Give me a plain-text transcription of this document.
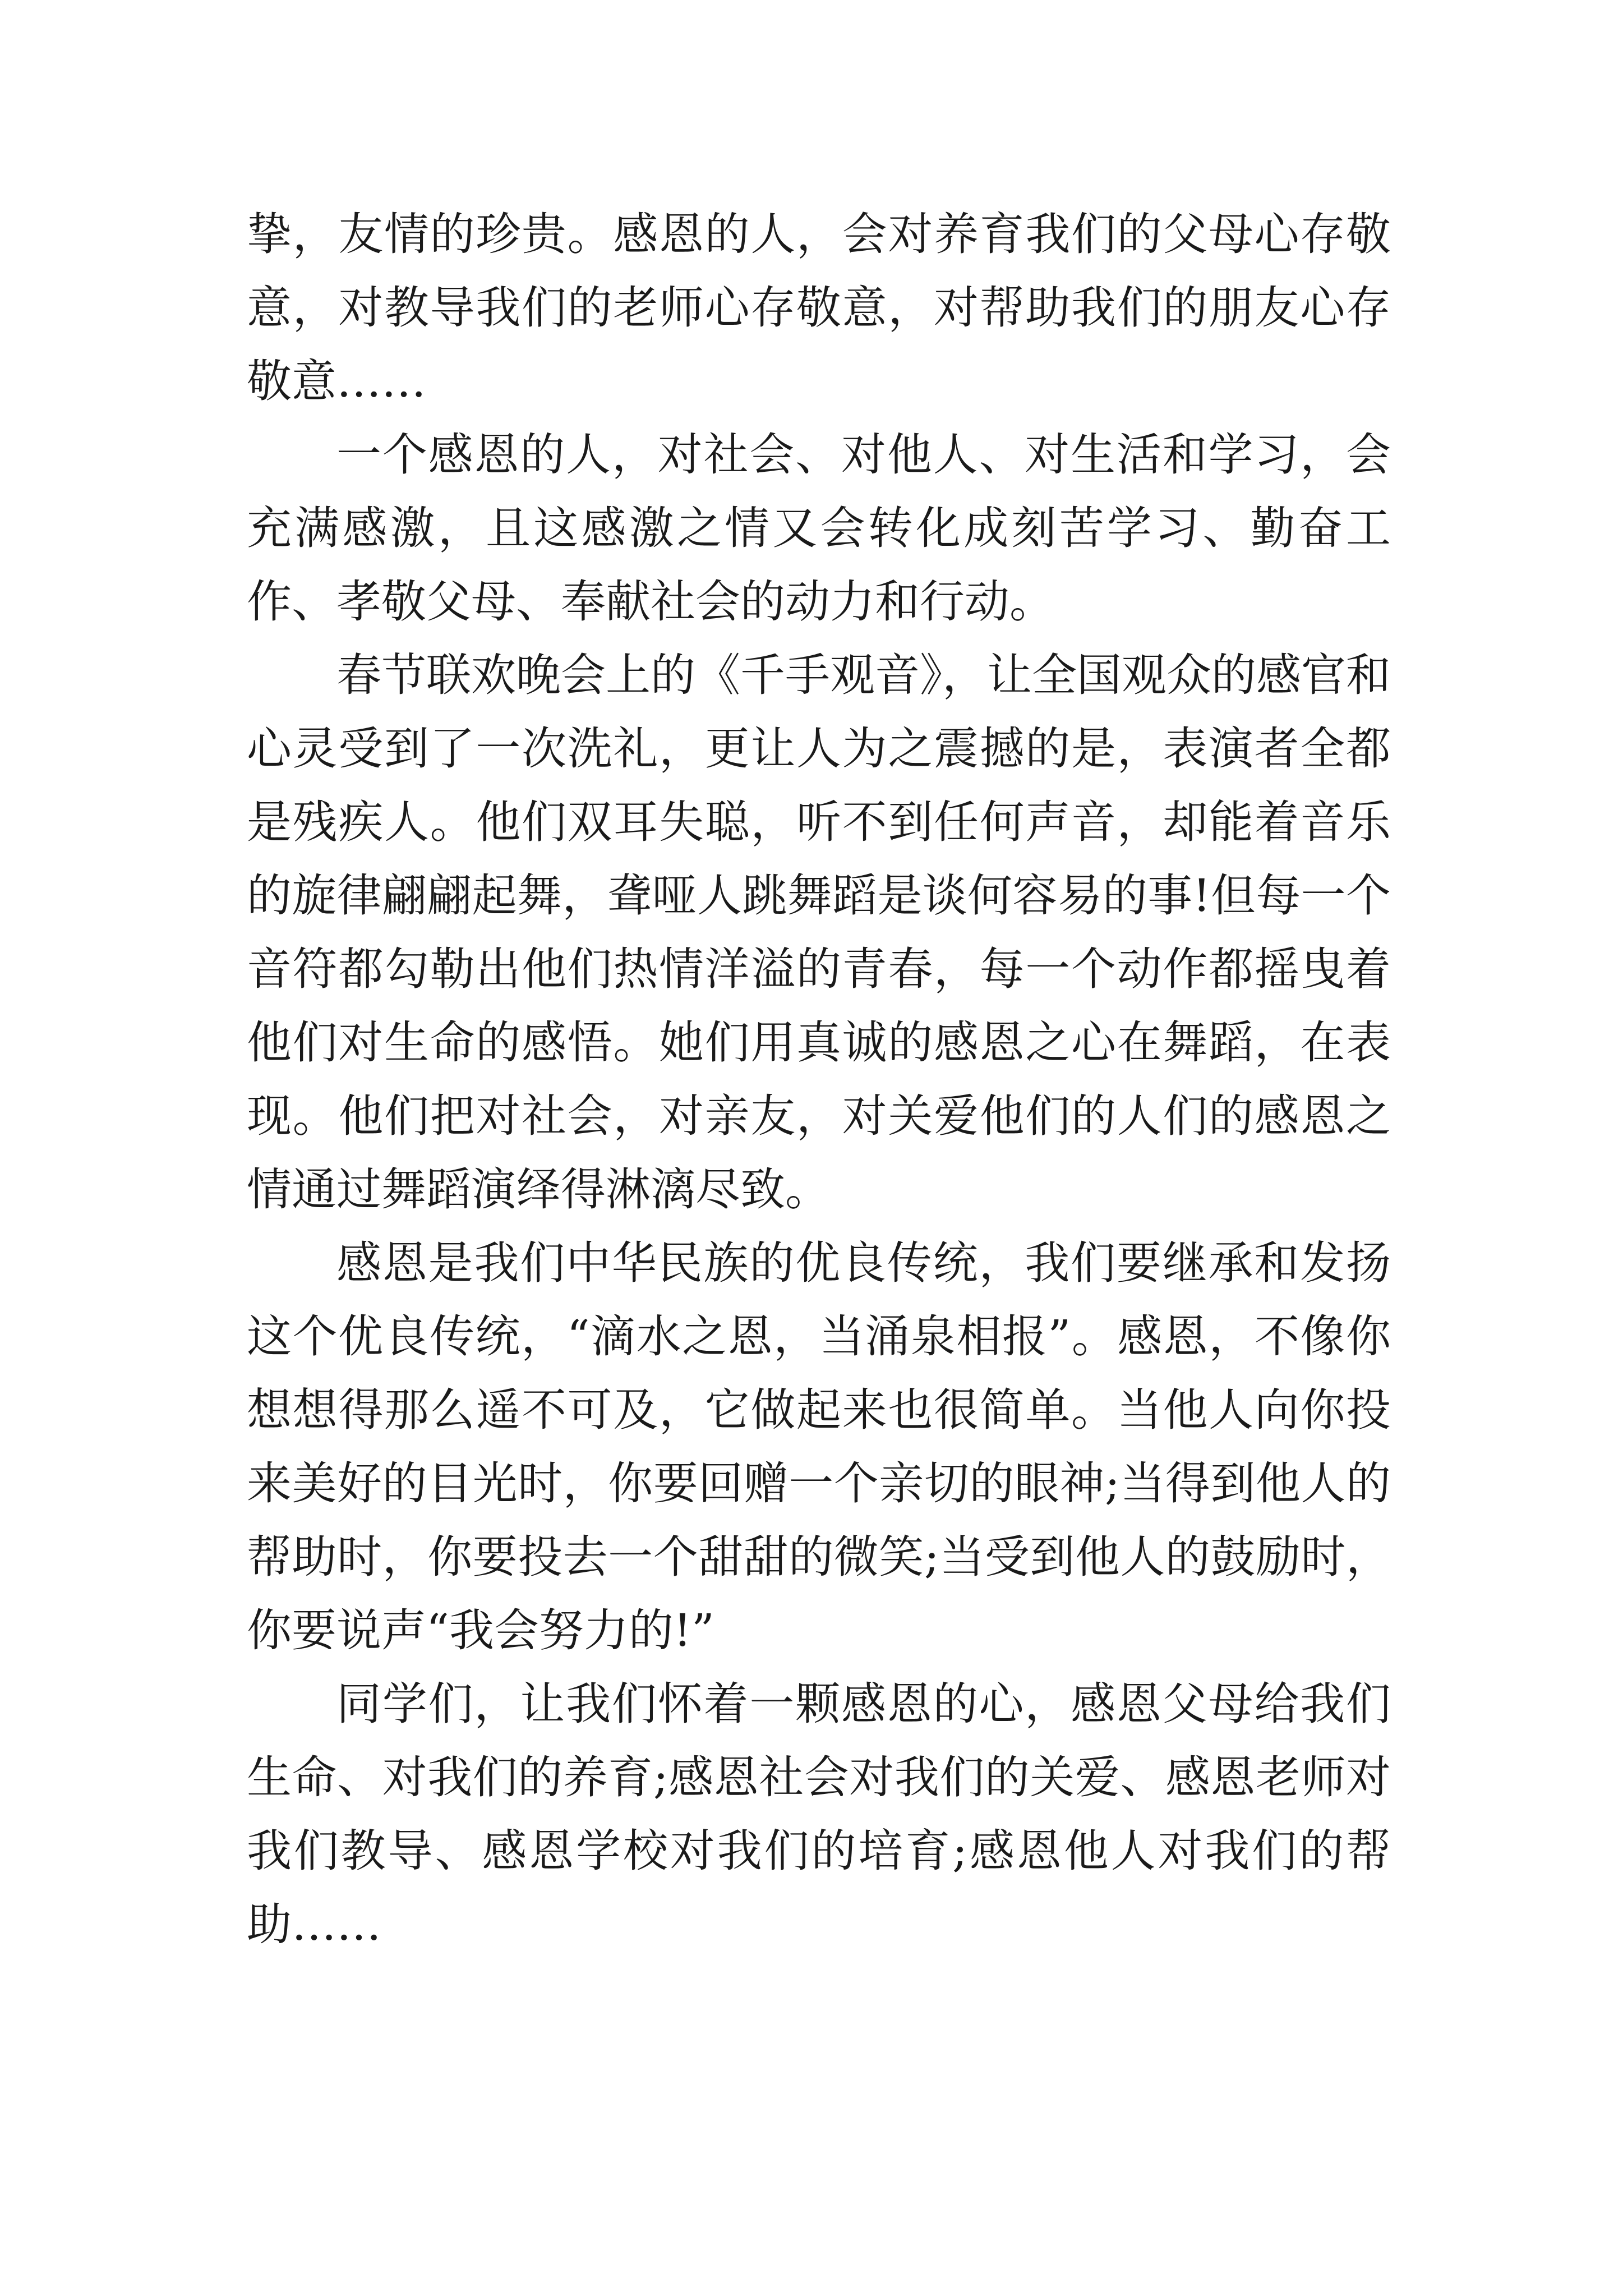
挚，友情的珍贵。感恩的人，会对养育我们的父母心存敬意，对教导我们的老师心存敬意，对帮助我们的朋友心存敬意……

一个感恩的人，对社会、对他人、对生活和学习，会充满感激，且这感激之情又会转化成刻苦学习、勤奋工作、孝敬父母、奉献社会的动力和行动。

春节联欢晚会上的《千手观音》，让全国观众的感官和心灵受到了一次洗礼，更让人为之震撼的是，表演者全都是残疾人。他们双耳失聪，听不到任何声音，却能着音乐的旋律翩翩起舞，聋哑人跳舞蹈是谈何容易的事!但每一个音符都勾勒出他们热情洋溢的青春，每一个动作都摇曳着他们对生命的感悟。她们用真诚的感恩之心在舞蹈，在表现。他们把对社会，对亲友，对关爱他们的人们的感恩之情通过舞蹈演绎得淋漓尽致。

感恩是我们中华民族的优良传统，我们要继承和发扬这个优良传统，“滴水之恩，当涌泉相报”。感恩，不像你想想得那么遥不可及，它做起来也很简单。当他人向你投来美好的目光时，你要回赠一个亲切的眼神;当得到他人的帮助时，你要投去一个甜甜的微笑;当受到他人的鼓励时，你要说声“我会努力的!”

同学们，让我们怀着一颗感恩的心，感恩父母给我们生命、对我们的养育;感恩社会对我们的关爱、感恩老师对我们教导、感恩学校对我们的培育;感恩他人对我们的帮助……
